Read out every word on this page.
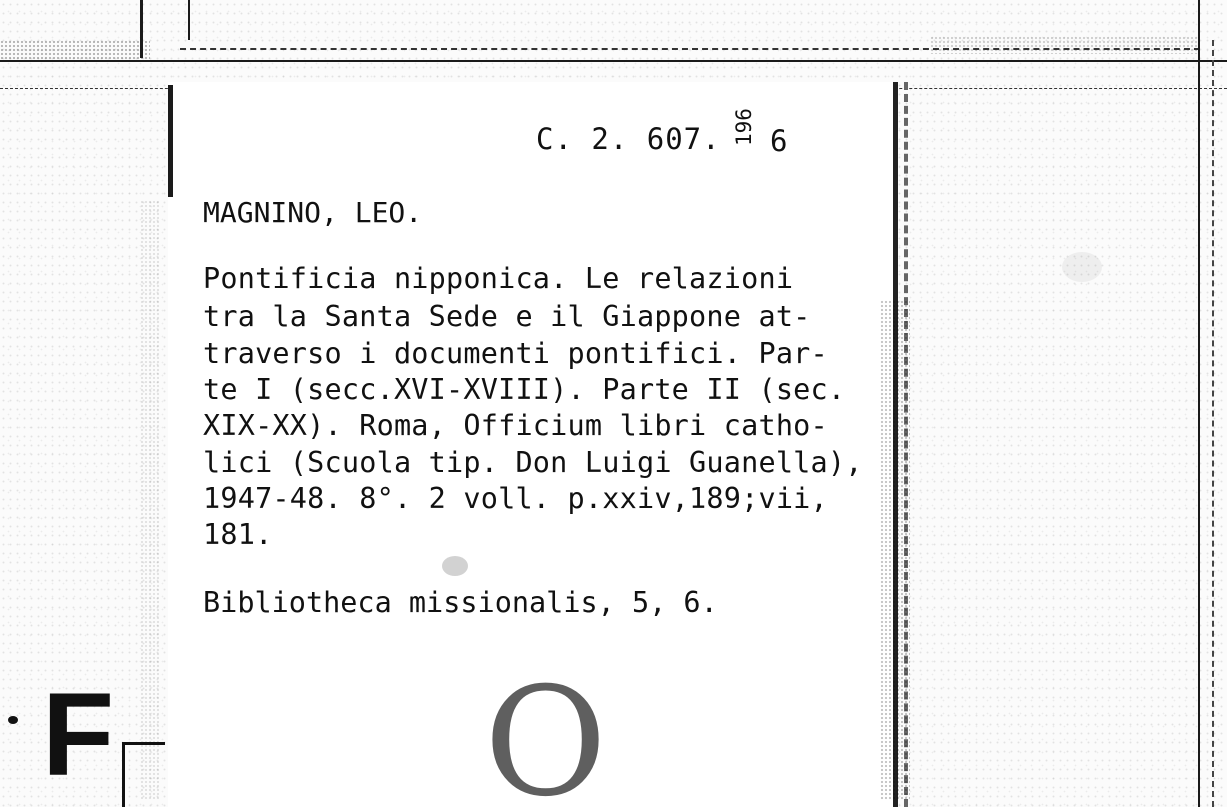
C. 2. 607. 196 6
MAGNINO, LEO.
Pontificia nipponica. Le relazioni
tra la Santa Sede e il Giappone at-
traverso i documenti pontifici. Par-
te I (secc.XVI-XVIII). Parte II (sec.
XIX-XX). Roma, Officium libri catho-
lici (Scuola tip. Don Luigi Guanella),
1947-48. 8°. 2 voll. p.xxiv,189;vii,
181.
Bibliotheca missionalis, 5, 6.
O
F
